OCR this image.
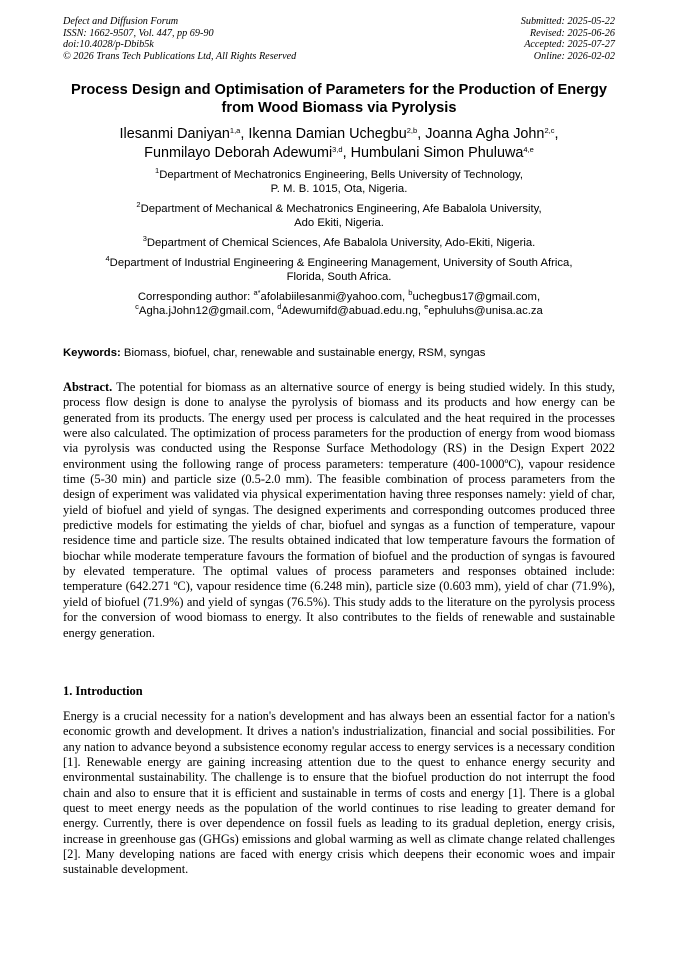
Defect and Diffusion Forum
ISSN: 1662-9507, Vol. 447, pp 69-90
doi:10.4028/p-Dbib5k
© 2026 Trans Tech Publications Ltd, All Rights Reserved
Submitted: 2025-05-22
Revised: 2025-06-26
Accepted: 2025-07-27
Online: 2026-02-02
Process Design and Optimisation of Parameters for the Production of Energy from Wood Biomass via Pyrolysis
Ilesanmi Daniyan$^{1,a}$, Ikenna Damian Uchegbu$^{2,b}$, Joanna Agha John$^{2,c}$,
Funmilayo Deborah Adewumi$^{3,d}$, Humbulani Simon Phuluwa$^{4,e}$
$^1$Department of Mechatronics Engineering, Bells University of Technology,
P. M. B. 1015, Ota, Nigeria.
$^2$Department of Mechanical & Mechatronics Engineering, Afe Babalola University,
Ado Ekiti, Nigeria.
$^3$Department of Chemical Sciences, Afe Babalola University, Ado-Ekiti, Nigeria.
$^4$Department of Industrial Engineering & Engineering Management, University of South Africa,
Florida, South Africa.
Corresponding author: $^{a*}$afolabiilesanmi@yahoo.com, $^b$uchegbus17@gmail.com,
$^c$Agha.jJohn12@gmail.com, $^d$Adewumifd@abuad.edu.ng, $^e$ephuluhs@unisa.ac.za
Keywords: Biomass, biofuel, char, renewable and sustainable energy, RSM, syngas

Abstract. The potential for biomass as an alternative source of energy is being studied widely. In this study, process flow design is done to analyse the pyrolysis of biomass and its products and how energy can be generated from its products. The energy used per process is calculated and the heat required in the processes were also calculated. The optimization of process parameters for the production of energy from wood biomass via pyrolysis was conducted using the Response Surface Methodology (RS) in the Design Expert 2022 environment using the following range of process parameters: temperature (400-1000ºC), vapour residence time (5-30 min) and particle size (0.5-2.0 mm). The feasible combination of process parameters from the design of experiment was validated via physical experimentation having three responses namely: yield of char, yield of biofuel and yield of syngas. The designed experiments and corresponding outcomes produced three predictive models for estimating the yields of char, biofuel and syngas as a function of temperature, vapour residence time and particle size. The results obtained indicated that low temperature favours the formation of biochar while moderate temperature favours the formation of biofuel and the production of syngas is favoured by elevated temperature. The optimal values of process parameters and responses obtained include: temperature (642.271 ºC), vapour residence time (6.248 min), particle size (0.603 mm), yield of char (71.9%), yield of biofuel (71.9%) and yield of syngas (76.5%). This study adds to the literature on the pyrolysis process for the conversion of wood biomass to energy. It also contributes to the fields of renewable and sustainable energy generation.

1. Introduction

Energy is a crucial necessity for a nation's development and has always been an essential factor for a nation's economic growth and development. It drives a nation's industrialization, financial and social possibilities. For any nation to advance beyond a subsistence economy regular access to energy services is a necessary condition [1]. Renewable energy are gaining increasing attention due to the quest to enhance energy security and environmental sustainability. The challenge is to ensure that the biofuel production do not interrupt the food chain and also to ensure that it is efficient and sustainable in terms of costs and energy [1]. There is a global quest to meet energy needs as the population of the world continues to rise leading to greater demand for energy. Currently, there is over dependence on fossil fuels as leading to its gradual depletion, energy crisis, increase in greenhouse gas (GHGs) emissions and global warming as well as climate change related challenges [2]. Many developing nations are faced with energy crisis which deepens their economic woes and impair sustainable development.
